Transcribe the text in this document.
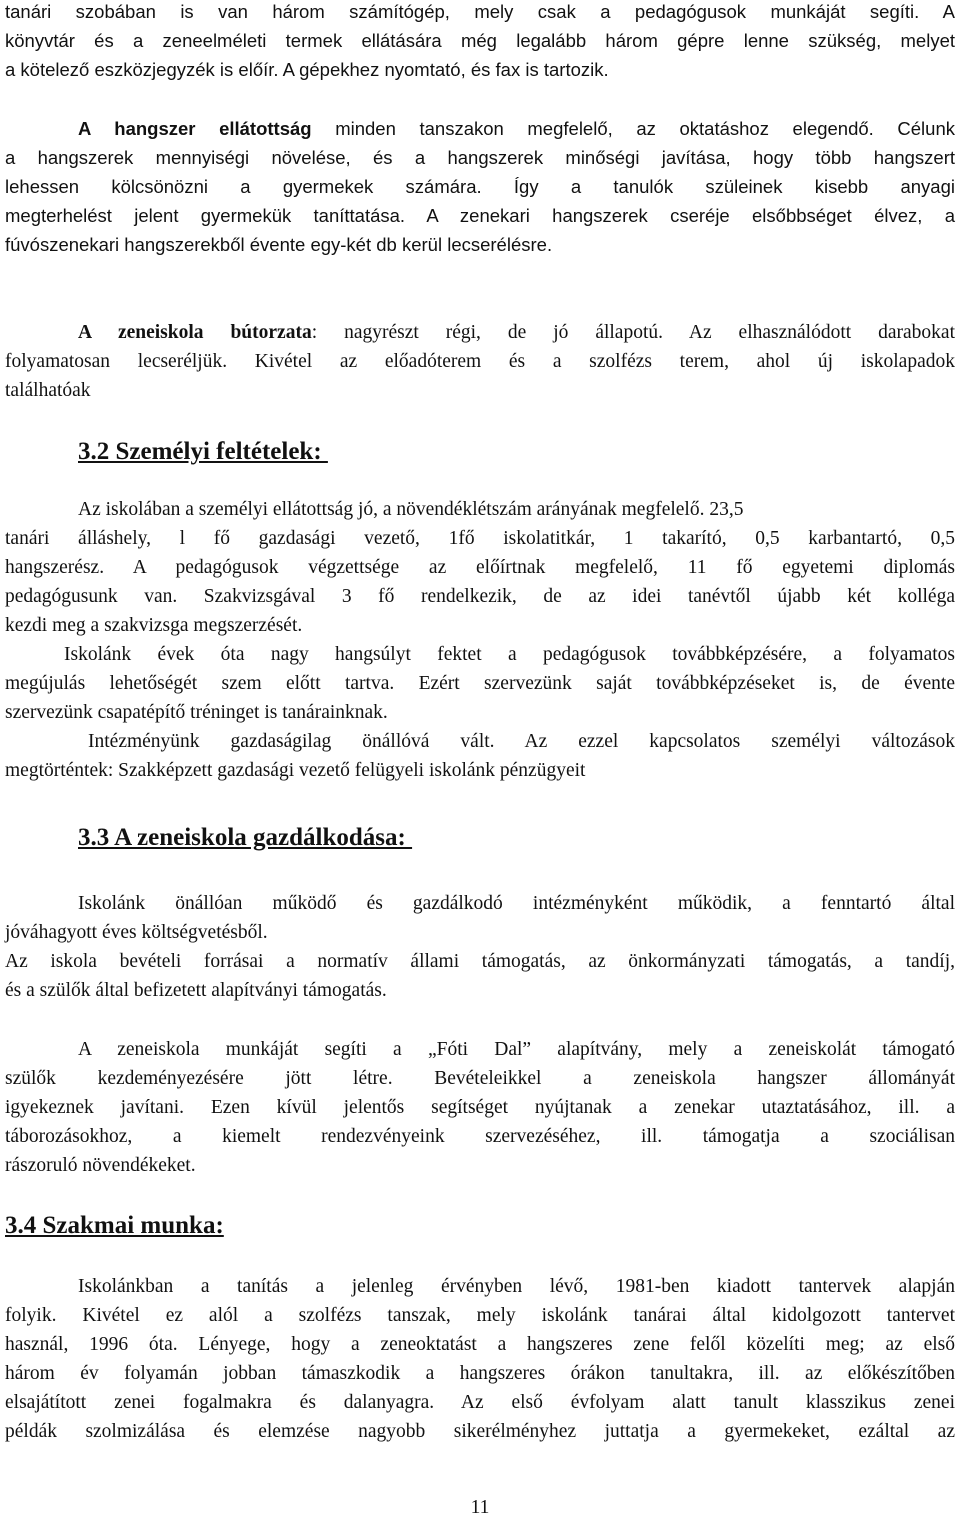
tanári szobában is van három számítógép, mely csak a pedagógusok munkáját segíti. A
könyvtár és a zeneelméleti termek ellátására még legalább három gépre lenne szükség, melyet
a kötelező eszközjegyzék is előír. A gépekhez nyomtató, és fax is tartozik.
A hangszer ellátottság minden tanszakon megfelelő, az oktatáshoz elegendő. Célunk
a hangszerek mennyiségi növelése, és a hangszerek minőségi javítása, hogy több hangszert
lehessen kölcsönözni a gyermekek számára. Így a tanulók szüleinek kisebb anyagi
megterhelést jelent gyermekük taníttatása. A zenekari hangszerek cseréje elsőbbséget élvez, a
fúvószenekari hangszerekből évente egy-két db kerül lecserélésre.
A zeneiskola bútorzata: nagyrészt régi, de jó állapotú. Az elhasználódott darabokat
folyamatosan lecseréljük. Kivétel az előadóterem és a szolfézs terem, ahol új iskolapadok
találhatóak
3.2 Személyi feltételek:
Az iskolában a személyi ellátottság jó, a növendéklétszám arányának megfelelő. 23,5
tanári álláshely, l fő gazdasági vezető, 1fő iskolatitkár, 1 takarító, 0,5 karbantartó, 0,5
hangszerész. A pedagógusok végzettsége az előírtnak megfelelő, 11 fő egyetemi diplomás
pedagógusunk van. Szakvizsgával 3 fő rendelkezik, de az idei tanévtől újabb két kolléga
kezdi meg a szakvizsga megszerzését.
Iskolánk évek óta nagy hangsúlyt fektet a pedagógusok továbbképzésére, a folyamatos
megújulás lehetőségét szem előtt tartva. Ezért szervezünk saját továbbképzéseket is, de évente
szervezünk csapatépítő tréninget is tanárainknak.
Intézményünk gazdaságilag önállóvá vált. Az ezzel kapcsolatos személyi változások
megtörténtek: Szakképzett gazdasági vezető felügyeli iskolánk pénzügyeit
3.3 A zeneiskola gazdálkodása:
Iskolánk önállóan működő és gazdálkodó intézményként működik, a fenntartó által
jóváhagyott éves költségvetésből.
Az iskola bevételi forrásai a normatív állami támogatás, az önkormányzati támogatás, a tandíj,
és a szülők által befizetett alapítványi támogatás.
A zeneiskola munkáját segíti a „Fóti Dal” alapítvány, mely a zeneiskolát támogató
szülők kezdeményezésére jött létre. Bevételeikkel a zeneiskola hangszer állományát
igyekeznek javítani. Ezen kívül jelentős segítséget nyújtanak a zenekar utaztatásához, ill. a
táborozásokhoz, a kiemelt rendezvényeink szervezéséhez, ill. támogatja a szociálisan
rászoruló növendékeket.
3.4 Szakmai munka:
Iskolánkban a tanítás a jelenleg érvényben lévő, 1981-ben kiadott tantervek alapján
folyik. Kivétel ez alól a szolfézs tanszak, mely iskolánk tanárai által kidolgozott tantervet
használ, 1996 óta. Lényege, hogy a zeneoktatást a hangszeres zene felől közelíti meg; az első
három év folyamán jobban támaszkodik a hangszeres órákon tanultakra, ill. az előkészítőben
elsajátított zenei fogalmakra és dalanyagra. Az első évfolyam alatt tanult klasszikus zenei
példák szolmizálása és elemzése nagyobb sikerélményhez juttatja a gyermekeket, ezáltal az
11
